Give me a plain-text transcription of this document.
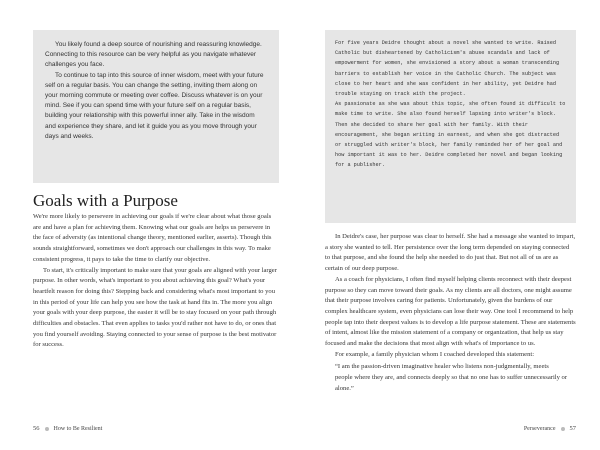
You likely found a deep source of nourishing and reassuring knowledge. Connecting to this resource can be very helpful as you navigate whatever challenges you face.

To continue to tap into this source of inner wisdom, meet with your future self on a regular basis. You can change the setting, inviting them along on your morning commute or meeting over coffee. Discuss whatever is on your mind. See if you can spend time with your future self on a regular basis, building your relationship with this powerful inner ally. Take in the wisdom and experience they share, and let it guide you as you move through your days and weeks.

Goals with a Purpose

We're more likely to persevere in achieving our goals if we're clear about what those goals are and have a plan for achieving them. Knowing what our goals are helps us persevere in the face of adversity (as intentional change theory, mentioned earlier, asserts). Though this sounds straightforward, sometimes we don't approach our challenges in this way. To make consistent progress, it pays to take the time to clarify our objective.

To start, it's critically important to make sure that your goals are aligned with your larger purpose. In other words, what's important to you about achieving this goal? What's your heartfelt reason for doing this? Stepping back and considering what's most important to you in this period of your life can help you see how the task at hand fits in. The more you align your goals with your deep purpose, the easier it will be to stay focused on your path through difficulties and obstacles. That even applies to tasks you'd rather not have to do, or ones that you find yourself avoiding. Staying connected to your sense of purpose is the best motivator for success.

56 How to Be Resilient

For five years Deidre thought about a novel she wanted to write. Raised Catholic but disheartened by Catholicism's abuse scandals and lack of empowerment for women, she envisioned a story about a woman transcending barriers to establish her voice in the Catholic Church. The subject was close to her heart and she was confident in her ability, yet Deidre had trouble staying on track with the project.

As passionate as she was about this topic, she often found it difficult to make time to write. She also found herself lapsing into writer's block. Then she decided to share her goal with her family. With their encouragement, she began writing in earnest, and when she got distracted or struggled with writer's block, her family reminded her of her goal and how important it was to her. Deidre completed her novel and began looking for a publisher.

In Deidre's case, her purpose was clear to herself. She had a message she wanted to impart, a story she wanted to tell. Her persistence over the long term depended on staying connected to that purpose, and she found the help she needed to do just that. But not all of us are as certain of our deep purpose.

As a coach for physicians, I often find myself helping clients reconnect with their deepest purpose so they can move toward their goals. As my clients are all doctors, one might assume that their purpose involves caring for patients. Unfortunately, given the burdens of our complex healthcare system, even physicians can lose their way. One tool I recommend to help people tap into their deepest values is to develop a life purpose statement. These are statements of intent, almost like the mission statement of a company or organization, that help us stay focused and make the decisions that most align with what's of importance to us.

For example, a family physician whom I coached developed this statement:

“I am the passion-driven imaginative healer who listens non-judgmentally, meets people where they are, and connects deeply so that no one has to suffer unnecessarily or alone.”

Perseverance 57
